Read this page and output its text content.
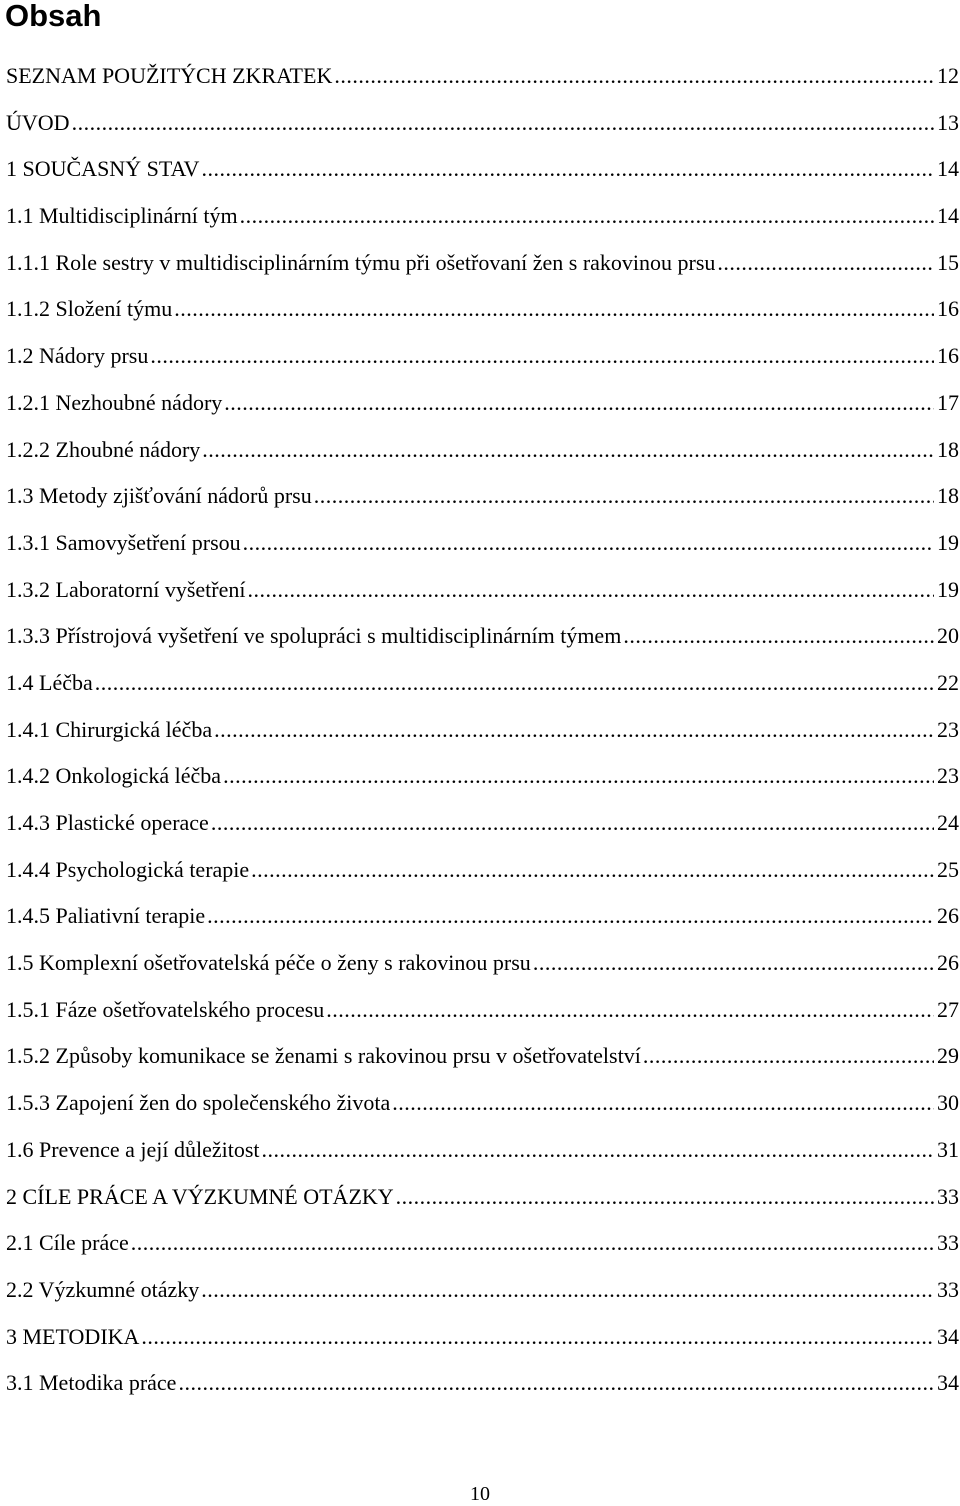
Obsah
SEZNAM POUŽITÝCH ZKRATEK .....	12
ÚVOD .....	13
1 SOUČASNÝ STAV .....	14
1.1 Multidisciplinární tým .....	14
1.1.1 Role sestry v multidisciplinárním týmu při ošetřovaní žen s rakovinou prsu .....	15
1.1.2 Složení týmu .....	16
1.2 Nádory prsu .....	16
1.2.1 Nezhoubné nádory .....	17
1.2.2 Zhoubné nádory .....	18
1.3 Metody zjišťování nádorů prsu .....	18
1.3.1 Samovyšetření prsou .....	19
1.3.2 Laboratorní vyšetření .....	19
1.3.3 Přístrojová vyšetření ve spolupráci s multidisciplinárním týmem .....	20
1.4 Léčba .....	22
1.4.1 Chirurgická léčba .....	23
1.4.2 Onkologická léčba .....	23
1.4.3 Plastické operace .....	24
1.4.4 Psychologická terapie .....	25
1.4.5 Paliativní terapie .....	26
1.5 Komplexní ošetřovatelská péče o ženy s rakovinou prsu .....	26
1.5.1 Fáze ošetřovatelského procesu .....	27
1.5.2 Způsoby komunikace se ženami s rakovinou prsu v ošetřovatelství .....	29
1.5.3 Zapojení žen do společenského života .....	30
1.6 Prevence a její důležitost .....	31
2 CÍLE PRÁCE A VÝZKUMNÉ OTÁZKY .....	33
2.1 Cíle práce .....	33
2.2 Výzkumné otázky .....	33
3 METODIKA .....	34
3.1 Metodika práce .....	34
10
